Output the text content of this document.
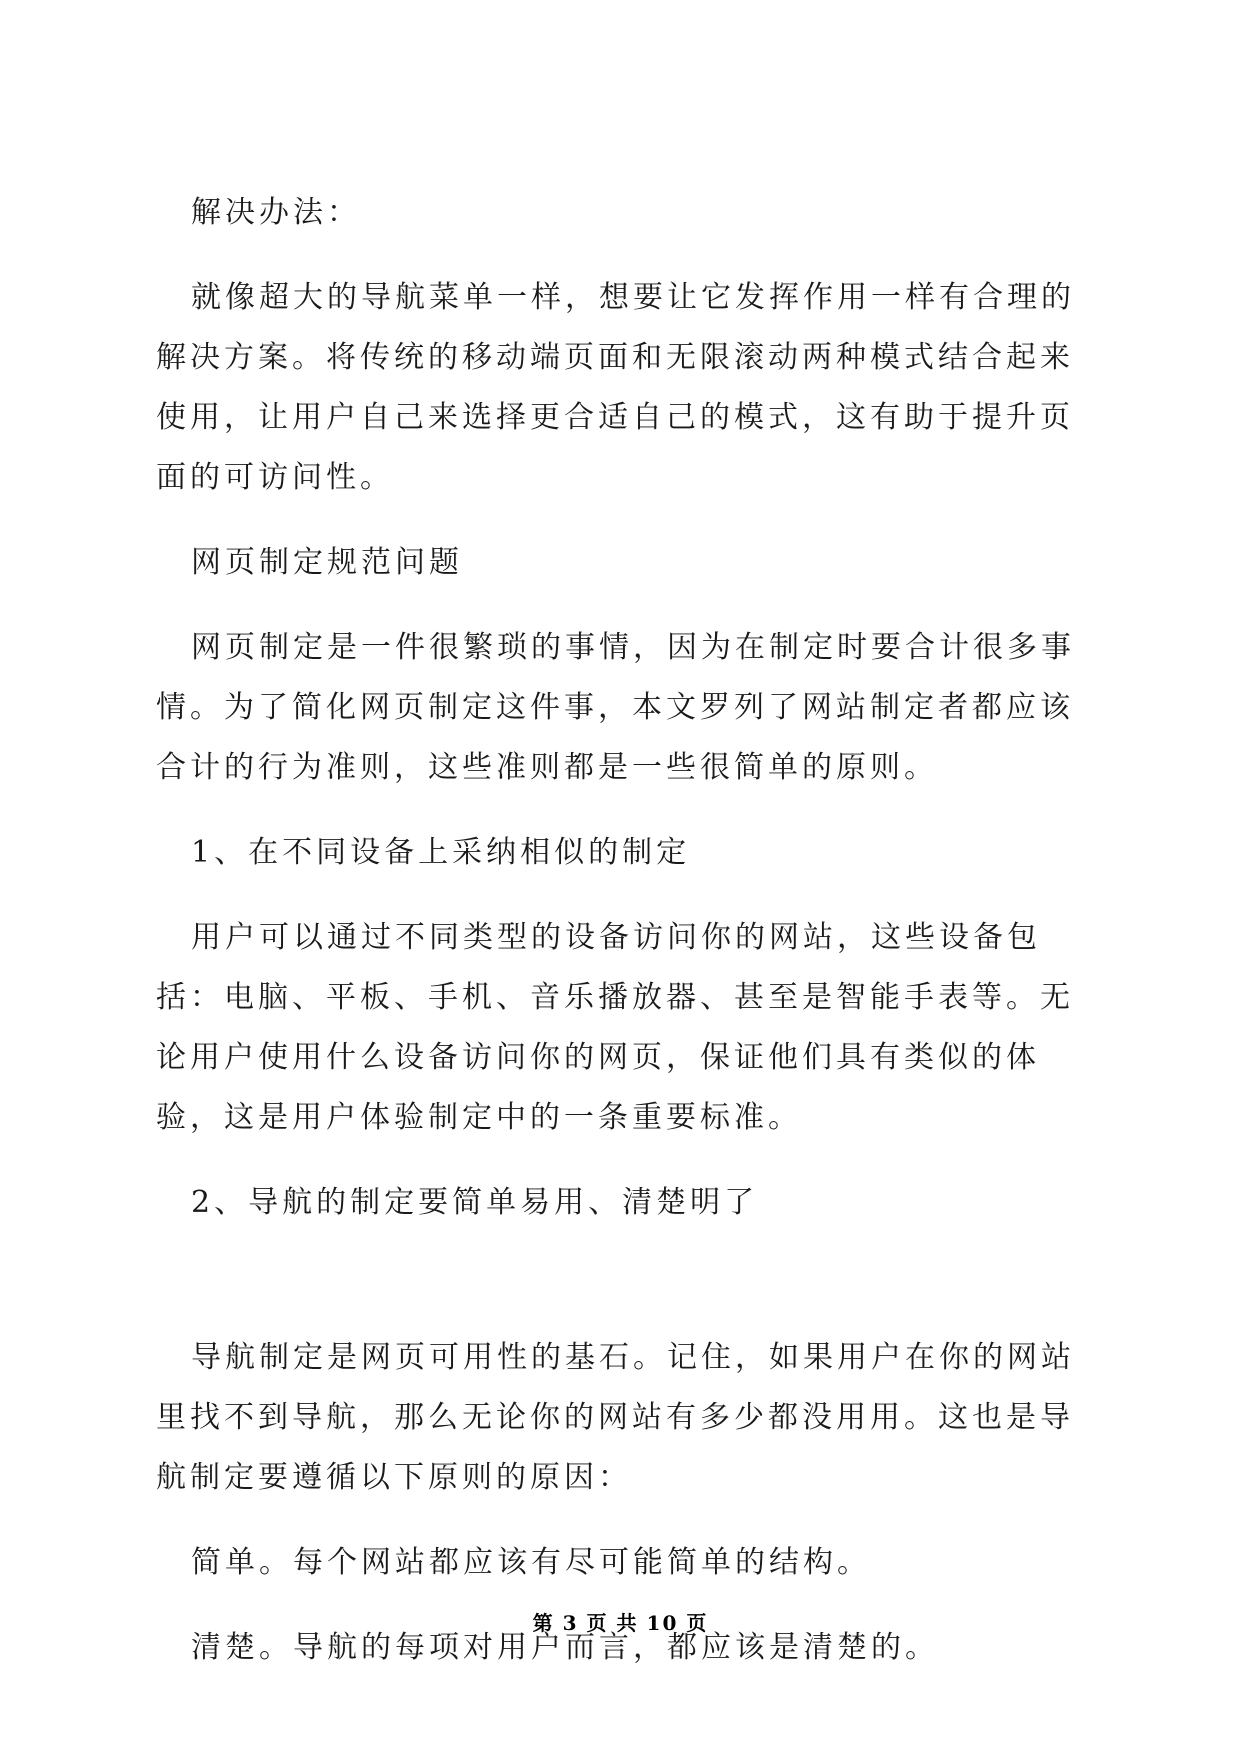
解决办法：

就像超大的导航菜单一样，想要让它发挥作用一样有合理的解决方案。将传统的移动端页面和无限滚动两种模式结合起来使用，让用户自己来选择更合适自己的模式，这有助于提升页面的可访问性。

网页制定规范问题

网页制定是一件很繁琐的事情，因为在制定时要合计很多事情。为了简化网页制定这件事，本文罗列了网站制定者都应该合计的行为准则，这些准则都是一些很简单的原则。

1、在不同设备上采纳相似的制定

用户可以通过不同类型的设备访问你的网站，这些设备包括：电脑、平板、手机、音乐播放器、甚至是智能手表等。无论用户使用什么设备访问你的网页，保证他们具有类似的体验，这是用户体验制定中的一条重要标准。

2、导航的制定要简单易用、清楚明了

导航制定是网页可用性的基石。记住，如果用户在你的网站里找不到导航，那么无论你的网站有多少都没用用。这也是导航制定要遵循以下原则的原因：

简单。每个网站都应该有尽可能简单的结构。

清楚。导航的每项对用户而言，都应该是清楚的。

第 3 页 共 10 页
